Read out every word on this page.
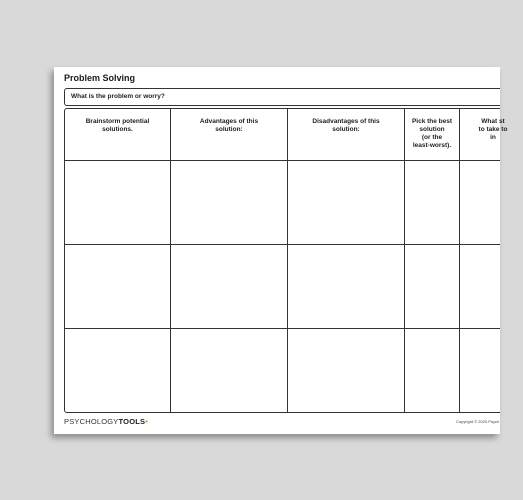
Problem Solving
What is the problem or worry?
Brainstorm potential
solutions.
Advantages of this
solution:
Disadvantages of this
solution:
Pick the best
solution
(or the
least-worst).
What st
to take to
in
PSYCHOLOGYTOOLS•	Copyright © 2020 Psych
